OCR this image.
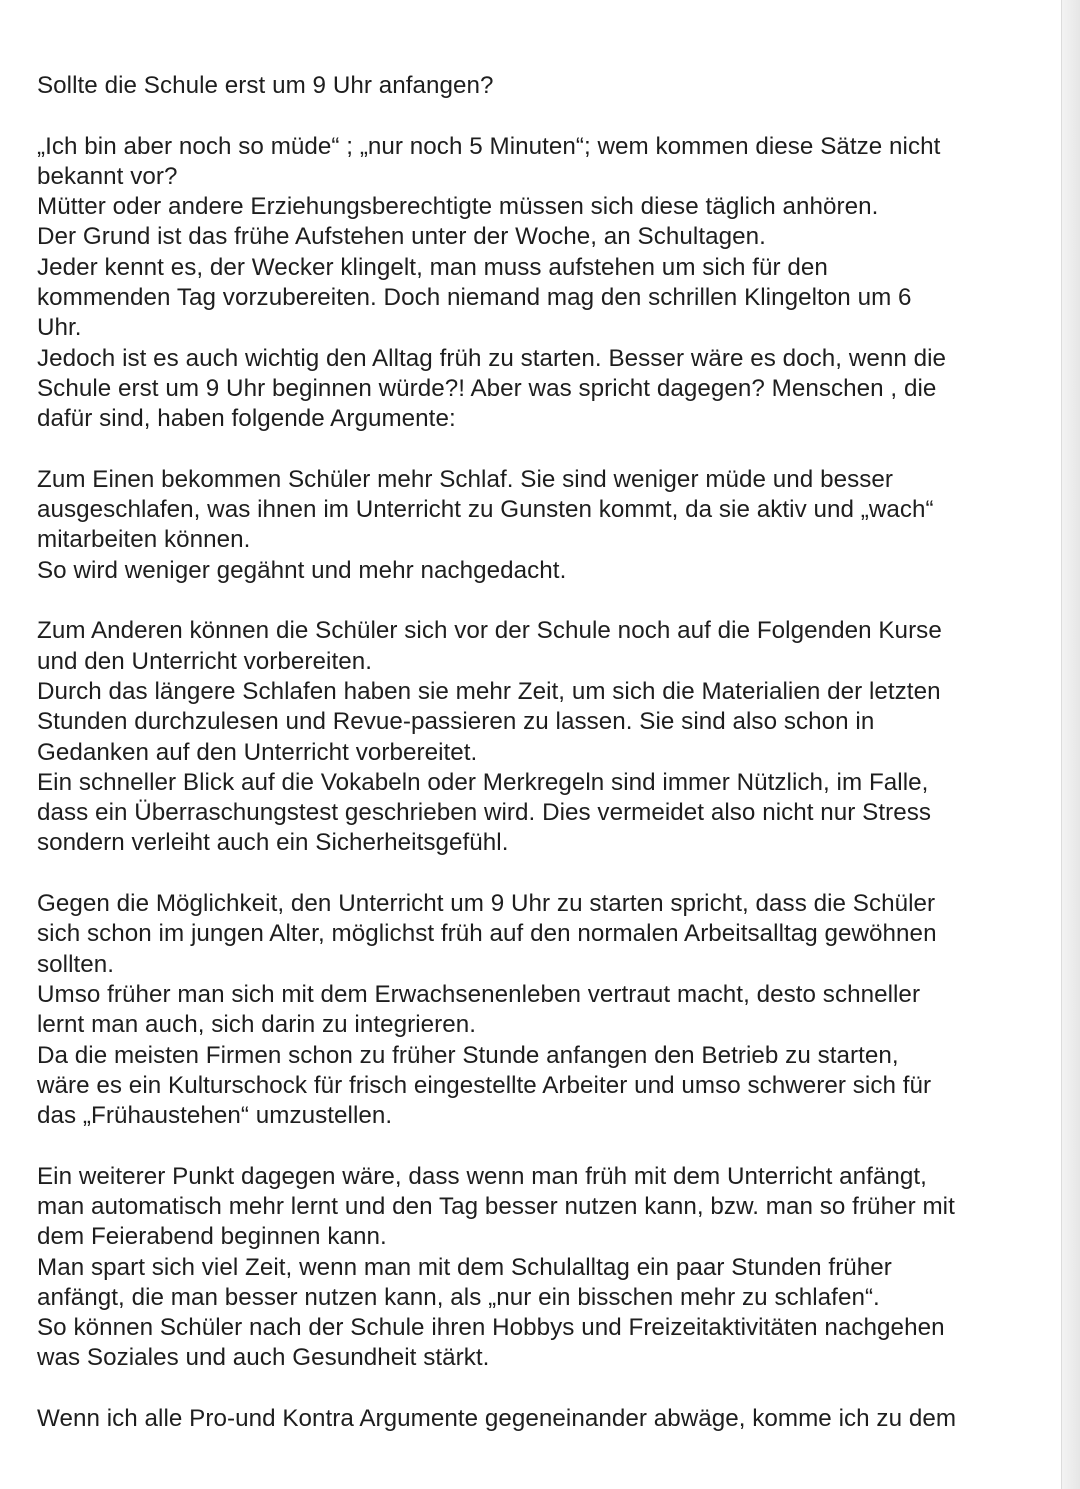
Sollte die Schule erst um 9 Uhr anfangen?

„Ich bin aber noch so müde“ ; „nur noch 5 Minuten“; wem kommen diese Sätze nicht
bekannt vor?
Mütter oder andere Erziehungsberechtigte müssen sich diese täglich anhören.
Der Grund ist das frühe Aufstehen unter der Woche, an Schultagen.
Jeder kennt es, der Wecker klingelt, man muss aufstehen um sich für den
kommenden Tag vorzubereiten. Doch niemand mag den schrillen Klingelton um 6
Uhr.
Jedoch ist es auch wichtig den Alltag früh zu starten. Besser wäre es doch, wenn die
Schule erst um 9 Uhr beginnen würde?! Aber was spricht dagegen? Menschen , die
dafür sind, haben folgende Argumente:

Zum Einen bekommen Schüler mehr Schlaf. Sie sind weniger müde und besser
ausgeschlafen, was ihnen im Unterricht zu Gunsten kommt, da sie aktiv und „wach“
mitarbeiten können.
So wird weniger gegähnt und mehr nachgedacht.

Zum Anderen können die Schüler sich vor der Schule noch auf die Folgenden Kurse
und den Unterricht vorbereiten.
Durch das längere Schlafen haben sie mehr Zeit, um sich die Materialien der letzten
Stunden durchzulesen und Revue-passieren zu lassen. Sie sind also schon in
Gedanken auf den Unterricht vorbereitet.
Ein schneller Blick auf die Vokabeln oder Merkregeln sind immer Nützlich, im Falle,
dass ein Überraschungstest geschrieben wird. Dies vermeidet also nicht nur Stress
sondern verleiht auch ein Sicherheitsgefühl.

Gegen die Möglichkeit, den Unterricht um 9 Uhr zu starten spricht, dass die Schüler
sich schon im jungen Alter, möglichst früh auf den normalen Arbeitsalltag gewöhnen
sollten.
Umso früher man sich mit dem Erwachsenenleben vertraut macht, desto schneller
lernt man auch, sich darin zu integrieren.
Da die meisten Firmen schon zu früher Stunde anfangen den Betrieb zu starten,
wäre es ein Kulturschock für frisch eingestellte Arbeiter und umso schwerer sich für
das „Frühaustehen“ umzustellen.

Ein weiterer Punkt dagegen wäre, dass wenn man früh mit dem Unterricht anfängt,
man automatisch mehr lernt und den Tag besser nutzen kann, bzw. man so früher mit
dem Feierabend beginnen kann.
Man spart sich viel Zeit, wenn man mit dem Schulalltag ein paar Stunden früher
anfängt, die man besser nutzen kann, als „nur ein bisschen mehr zu schlafen“.
So können Schüler nach der Schule ihren Hobbys und Freizeitaktivitäten nachgehen
was Soziales und auch Gesundheit stärkt.

Wenn ich alle Pro-und Kontra Argumente gegeneinander abwäge, komme ich zu dem
